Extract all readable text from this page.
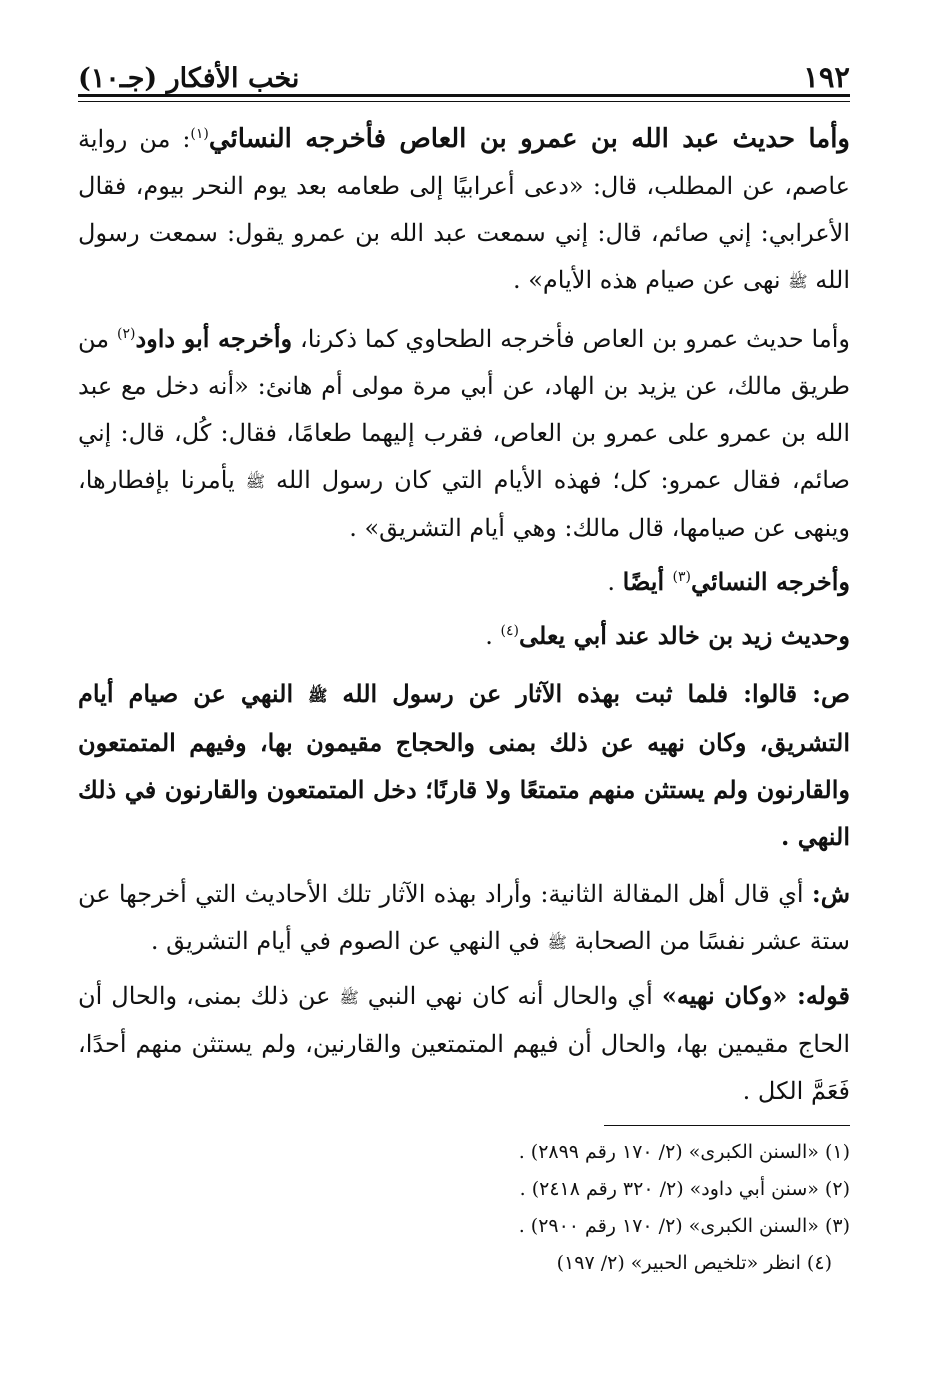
١٩٢
نخب الأفكار (جـ١٠)

وأما حديث عبد الله بن عمرو بن العاص فأخرجه النسائي$^{(١)}$: من رواية عاصم، عن المطلب، قال: «دعى أعرابيًا إلى طعامه بعد يوم النحر بيوم، فقال الأعرابي: إني صائم، قال: إني سمعت عبد الله بن عمرو يقول: سمعت رسول الله ﷺ نهى عن صيام هذه الأيام» .

وأما حديث عمرو بن العاص فأخرجه الطحاوي كما ذكرنا، وأخرجه أبو داود$^{(٢)}$ من طريق مالك، عن يزيد بن الهاد، عن أبي مرة مولى أم هانئ: «أنه دخل مع عبد الله بن عمرو على عمرو بن العاص، فقرب إليهما طعامًا، فقال: كُل، قال: إني صائم، فقال عمرو: كل؛ فهذه الأيام التي كان رسول الله ﷺ يأمرنا بإفطارها، وينهى عن صيامها، قال مالك: وهي أيام التشريق» .

وأخرجه النسائي$^{(٣)}$ أيضًا .

وحديث زيد بن خالد عند أبي يعلى$^{(٤)}$ .

ص: قالوا: فلما ثبت بهذه الآثار عن رسول الله ﷺ النهي عن صيام أيام التشريق، وكان نهيه عن ذلك بمنى والحجاج مقيمون بها، وفيهم المتمتعون والقارنون ولم يستثن منهم متمتعًا ولا قارنًا؛ دخل المتمتعون والقارنون في ذلك النهي .

ش: أي قال أهل المقالة الثانية: وأراد بهذه الآثار تلك الأحاديث التي أخرجها عن ستة عشر نفسًا من الصحابة ﷺ في النهي عن الصوم في أيام التشريق .

قوله: «وكان نهيه» أي والحال أنه كان نهي النبي ﷺ عن ذلك بمنى، والحال أن الحاج مقيمين بها، والحال أن فيهم المتمتعين والقارنين، ولم يستثن منهم أحدًا، فَعَمَّ الكل .

(١) «السنن الكبرى» (٢/ ١٧٠ رقم ٢٨٩٩) .
(٢) «سنن أبي داود» (٢/ ٣٢٠ رقم ٢٤١٨) .
(٣) «السنن الكبرى» (٢/ ١٧٠ رقم ٢٩٠٠) .
(٤) انظر «تلخيص الحبير» (٢/ ١٩٧)
